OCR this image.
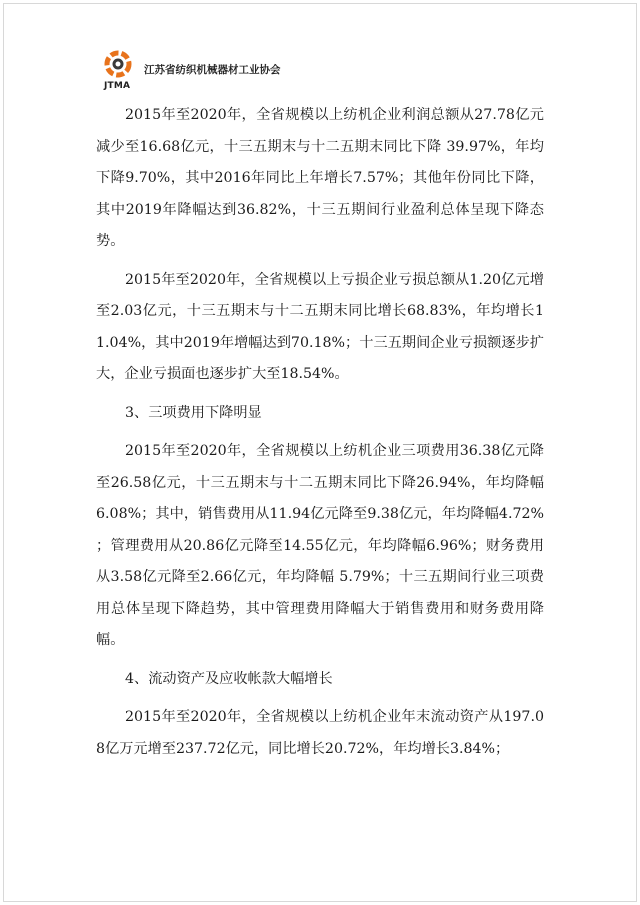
JTMA
江苏省纺织机械器材工业协会

2015年至2020年，全省规模以上纺机企业利润总额从27.78亿元减少至16.68亿元，十三五期末与十二五期末同比下降 39.97%，年均下降9.70%，其中2016年同比上年增长7.57%；其他年份同比下降，其中2019年降幅达到36.82%，十三五期间行业盈利总体呈现下降态势。

2015年至2020年，全省规模以上亏损企业亏损总额从1.20亿元增至2.03亿元，十三五期末与十二五期末同比增长68.83%，年均增长11.04%，其中2019年增幅达到70.18%；十三五期间企业亏损额逐步扩大，企业亏损面也逐步扩大至18.54%。

3、三项费用下降明显

2015年至2020年，全省规模以上纺机企业三项费用36.38亿元降至26.58亿元，十三五期末与十二五期末同比下降26.94%，年均降幅6.08%；其中，销售费用从11.94亿元降至9.38亿元，年均降幅4.72% ；管理费用从20.86亿元降至14.55亿元，年均降幅6.96%；财务费用从3.58亿元降至2.66亿元，年均降幅 5.79%；十三五期间行业三项费用总体呈现下降趋势，其中管理费用降幅大于销售费用和财务费用降幅。

4、流动资产及应收帐款大幅增长

2015年至2020年，全省规模以上纺机企业年末流动资产从197.08亿万元增至237.72亿元，同比增长20.72%，年均增长3.84%；
